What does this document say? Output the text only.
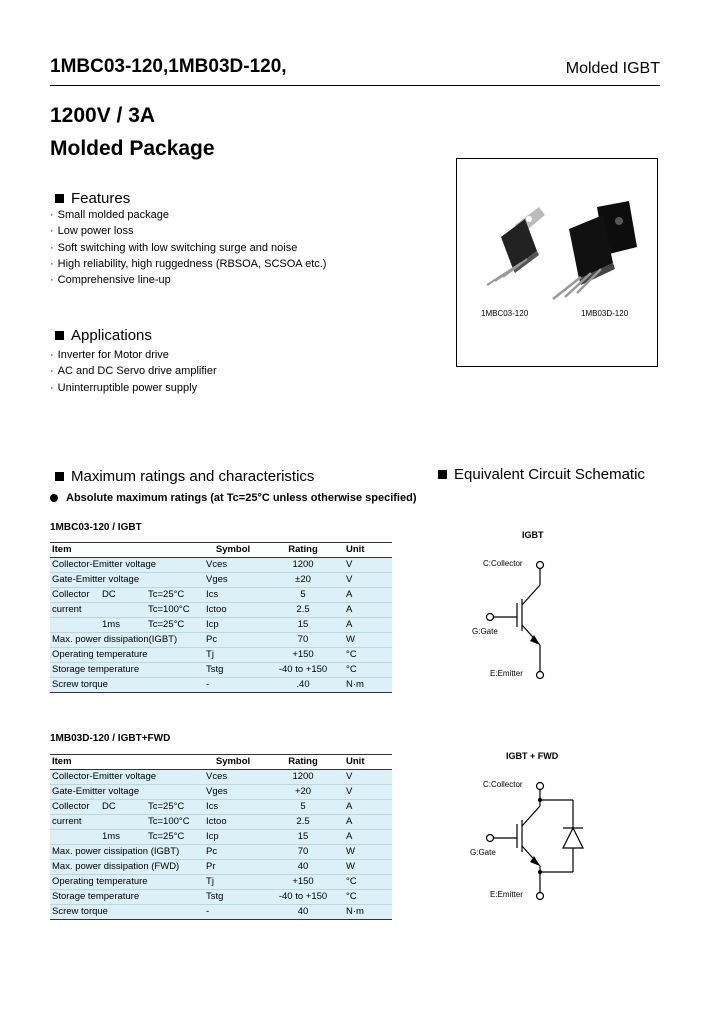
1MBC03-120,1MB03D-120,	Molded IGBT
1200V / 3A
Molded Package
Features
· Small molded package
· Low power loss
· Soft switching with low switching surge and noise
· High reliability, high ruggedness (RBSOA, SCSOA etc.)
· Comprehensive line-up
Applications
· Inverter for Motor drive
· AC and DC Servo drive amplifier
· Uninterruptible power supply
1MBC03-120	1MB03D-120
Maximum ratings and characteristics
Absolute maximum ratings (at Tc=25°C unless otherwise specified)
Equivalent Circuit Schematic
1MBC03-120 / IGBT
Item			Symbol	Rating	Unit
Collector-Emitter voltage			Vces	1200	V
Gate-Emitter voltage			Vges	±20	V
Collector	DC	Tc=25°C	Ics	5	A
current		Tc=100°C	Ictoo	2.5	A
	1ms	Tc=25°C	Icp	15	A
Max. power dissipation(IGBT)			Pc	70	W
Operating temperature			Tj	+150	°C
Storage temperature			Tstg	-40 to +150	°C
Screw torque			-	.40	N·m
1MB03D-120 / IGBT+FWD
Item			Symbol	Rating	Unit
Collector-Emitter voltage			Vces	1200	V
Gate-Emitter voltage			Vges	+20	V
Collector	DC	Tc=25°C	Ics	5	A
current		Tc=100°C	Ictoo	2.5	A
	1ms	Tc=25°C	Icp	15	A
Max. power cissipation (IGBT)			Pc	70	W
Max. power dissipation (FWD)			Pr	40	W
Operating temperature			Tj	+150	°C
Storage temperature			Tstg	-40 to +150	°C
Screw torque			-	40	N·m
IGBT
C:Collector
G:Gate
E:Emitter
IGBT + FWD
C:Collector
G:Gate
E:Emitter
